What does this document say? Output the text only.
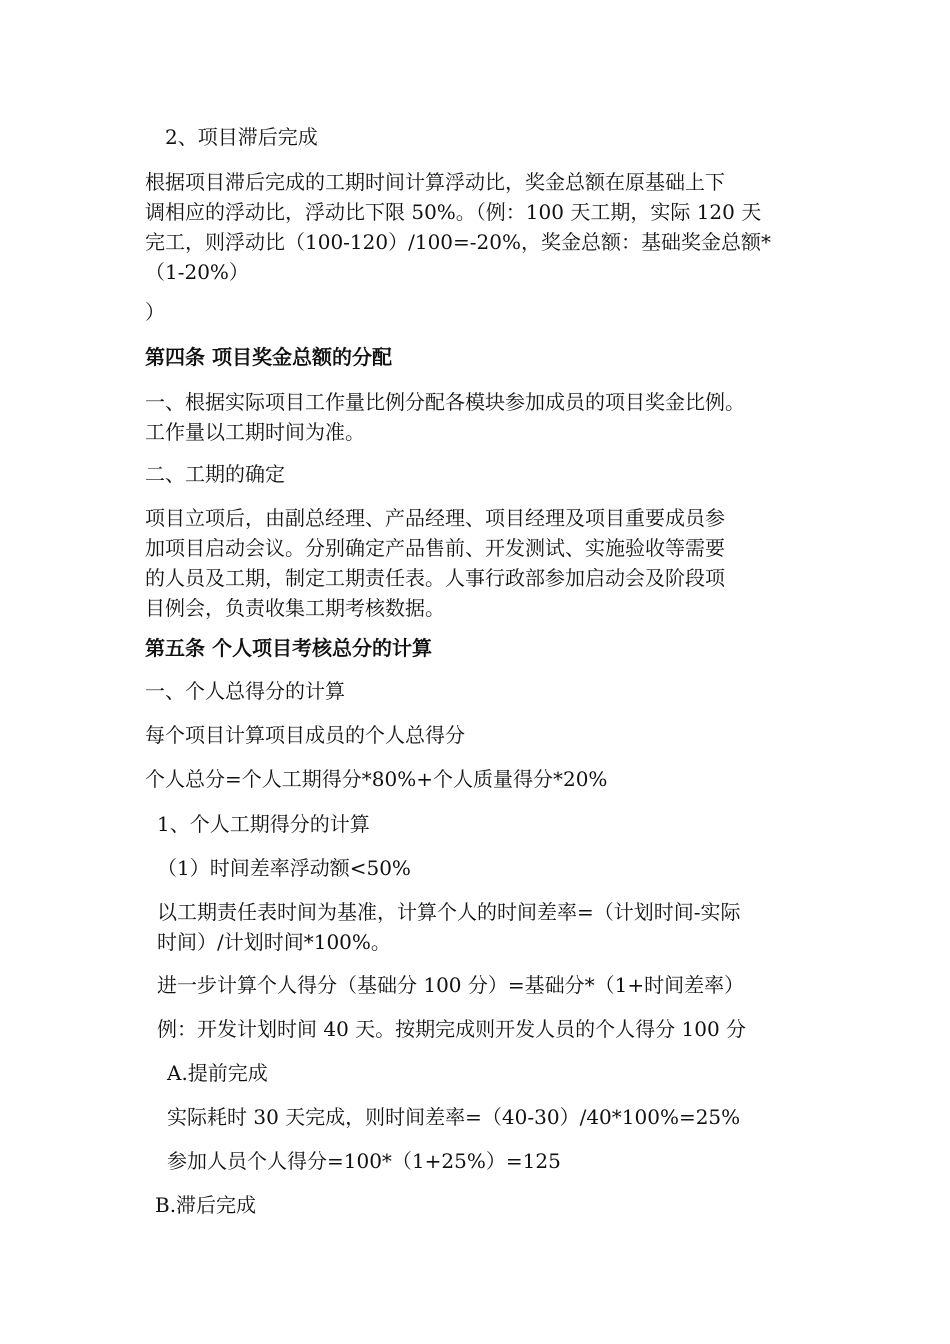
2、项目滞后完成
根据项目滞后完成的工期时间计算浮动比，奖金总额在原基础上下
调相应的浮动比，浮动比下限 50%。（例：100 天工期，实际 120 天
完工，则浮动比（100-120）/100=-20%，奖金总额：基础奖金总额*
（1-20%）
）
第四条 项目奖金总额的分配
一、根据实际项目工作量比例分配各模块参加成员的项目奖金比例。
工作量以工期时间为准。
二、工期的确定
项目立项后，由副总经理、产品经理、项目经理及项目重要成员参
加项目启动会议。分别确定产品售前、开发测试、实施验收等需要
的人员及工期，制定工期责任表。人事行政部参加启动会及阶段项
目例会，负责收集工期考核数据。
第五条 个人项目考核总分的计算
一、个人总得分的计算
每个项目计算项目成员的个人总得分
个人总分=个人工期得分*80%+个人质量得分*20%
1、个人工期得分的计算
（1）时间差率浮动额<50%
以工期责任表时间为基准，计算个人的时间差率=（计划时间-实际
时间）/计划时间*100%。
进一步计算个人得分（基础分 100 分）=基础分*（1+时间差率）
例：开发计划时间 40 天。按期完成则开发人员的个人得分 100 分
A.提前完成
实际耗时 30 天完成，则时间差率=（40-30）/40*100%=25%
参加人员个人得分=100*（1+25%）=125
B.滞后完成
